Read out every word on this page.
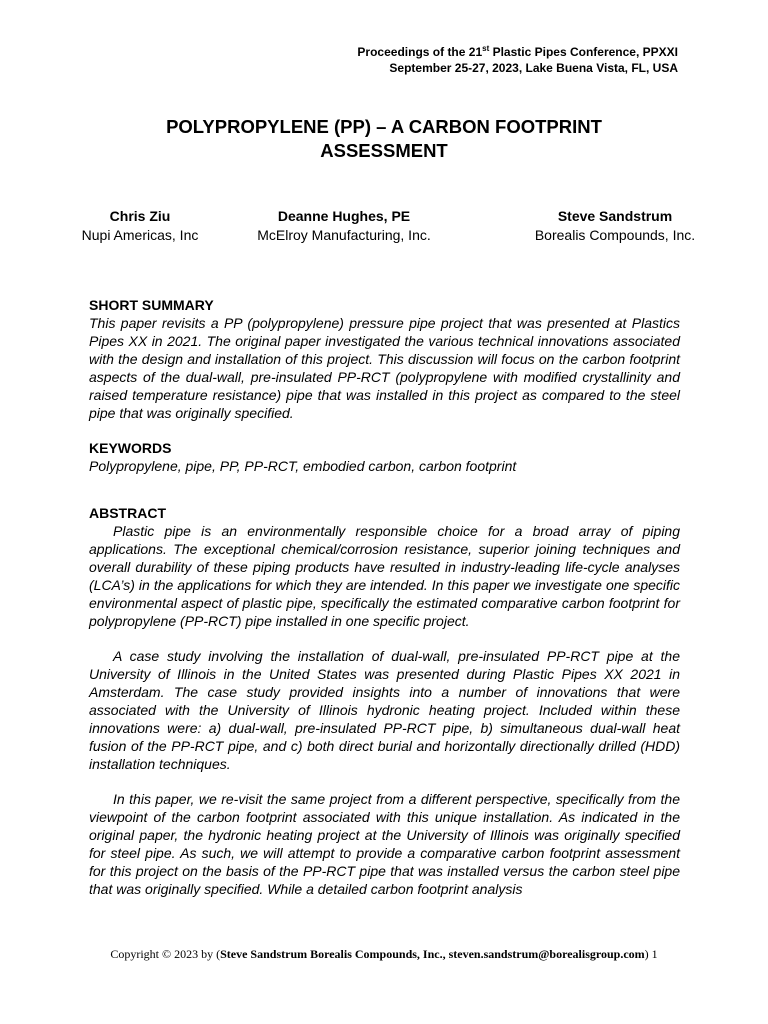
Proceedings of the 21st Plastic Pipes Conference, PPXXI
September 25-27, 2023, Lake Buena Vista, FL, USA
POLYPROPYLENE (PP) – A CARBON FOOTPRINT
ASSESSMENT
Chris Ziu
Nupi Americas, Inc
Deanne Hughes, PE
McElroy Manufacturing, Inc.
Steve Sandstrum
Borealis Compounds, Inc.
SHORT SUMMARY

This paper revisits a PP (polypropylene) pressure pipe project that was presented at Plastics Pipes XX in 2021. The original paper investigated the various technical innovations associated with the design and installation of this project. This discussion will focus on the carbon footprint aspects of the dual-wall, pre-insulated PP-RCT (polypropylene with modified crystallinity and raised temperature resistance) pipe that was installed in this project as compared to the steel pipe that was originally specified.

KEYWORDS
Polypropylene, pipe, PP, PP-RCT, embodied carbon, carbon footprint
ABSTRACT

Plastic pipe is an environmentally responsible choice for a broad array of piping applications. The exceptional chemical/corrosion resistance, superior joining techniques and overall durability of these piping products have resulted in industry-leading life-cycle analyses (LCA’s) in the applications for which they are intended. In this paper we investigate one specific environmental aspect of plastic pipe, specifically the estimated comparative carbon footprint for polypropylene (PP-RCT) pipe installed in one specific project.

A case study involving the installation of dual-wall, pre-insulated PP-RCT pipe at the University of Illinois in the United States was presented during Plastic Pipes XX 2021 in Amsterdam. The case study provided insights into a number of innovations that were associated with the University of Illinois hydronic heating project. Included within these innovations were: a) dual-wall, pre-insulated PP-RCT pipe, b) simultaneous dual-wall heat fusion of the PP-RCT pipe, and c) both direct burial and horizontally directionally drilled (HDD) installation techniques.

In this paper, we re-visit the same project from a different perspective, specifically from the viewpoint of the carbon footprint associated with this unique installation. As indicated in the original paper, the hydronic heating project at the University of Illinois was originally specified for steel pipe. As such, we will attempt to provide a comparative carbon footprint assessment for this project on the basis of the PP-RCT pipe that was installed versus the carbon steel pipe that was originally specified. While a detailed carbon footprint analysis

Copyright © 2023 by (Steve Sandstrum Borealis Compounds, Inc., steven.sandstrum@borealisgroup.com) 1
